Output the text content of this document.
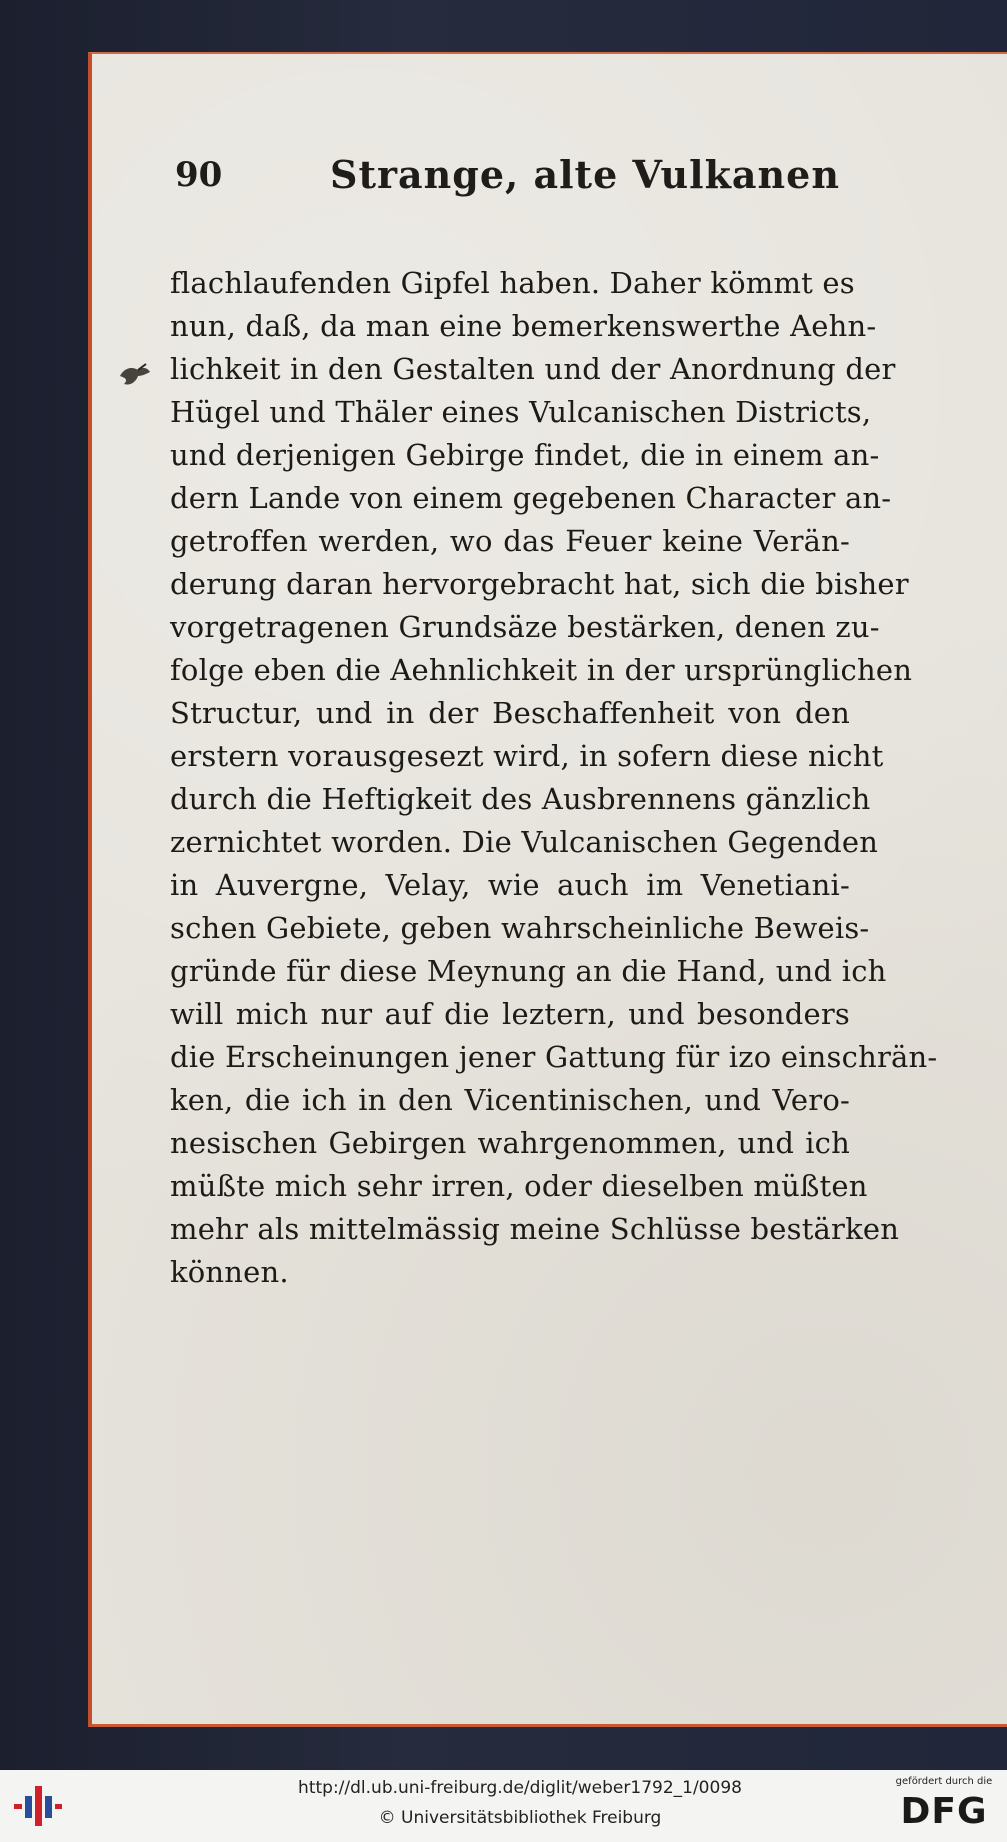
90	Strange, alte Vulkanen
flachlaufenden Gipfel haben. Daher kömmt es
nun, daß, da man eine bemerkenswerthe Aehn-
lichkeit in den Gestalten und der Anordnung der
Hügel und Thäler eines Vulcanischen Districts,
und derjenigen Gebirge findet, die in einem an-
dern Lande von einem gegebenen Character an-
getroffen werden, wo das Feuer keine Verän-
derung daran hervorgebracht hat, sich die bisher
vorgetragenen Grundsäze bestärken, denen zu-
folge eben die Aehnlichkeit in der ursprünglichen
Structur, und in der Beschaffenheit von den
erstern vorausgesezt wird, in sofern diese nicht
durch die Heftigkeit des Ausbrennens gänzlich
zernichtet worden. Die Vulcanischen Gegenden
in Auvergne, Velay, wie auch im Venetiani-
schen Gebiete, geben wahrscheinliche Beweis-
gründe für diese Meynung an die Hand, und ich
will mich nur auf die leztern, und besonders
die Erscheinungen jener Gattung für izo einschrän-
ken, die ich in den Vicentinischen, und Vero-
nesischen Gebirgen wahrgenommen, und ich
müßte mich sehr irren, oder dieselben müßten
mehr als mittelmässig meine Schlüsse bestärken
können.
http://dl.ub.uni-freiburg.de/diglit/weber1792_1/0098
© Universitätsbibliothek Freiburg
gefördert durch die
DFG
